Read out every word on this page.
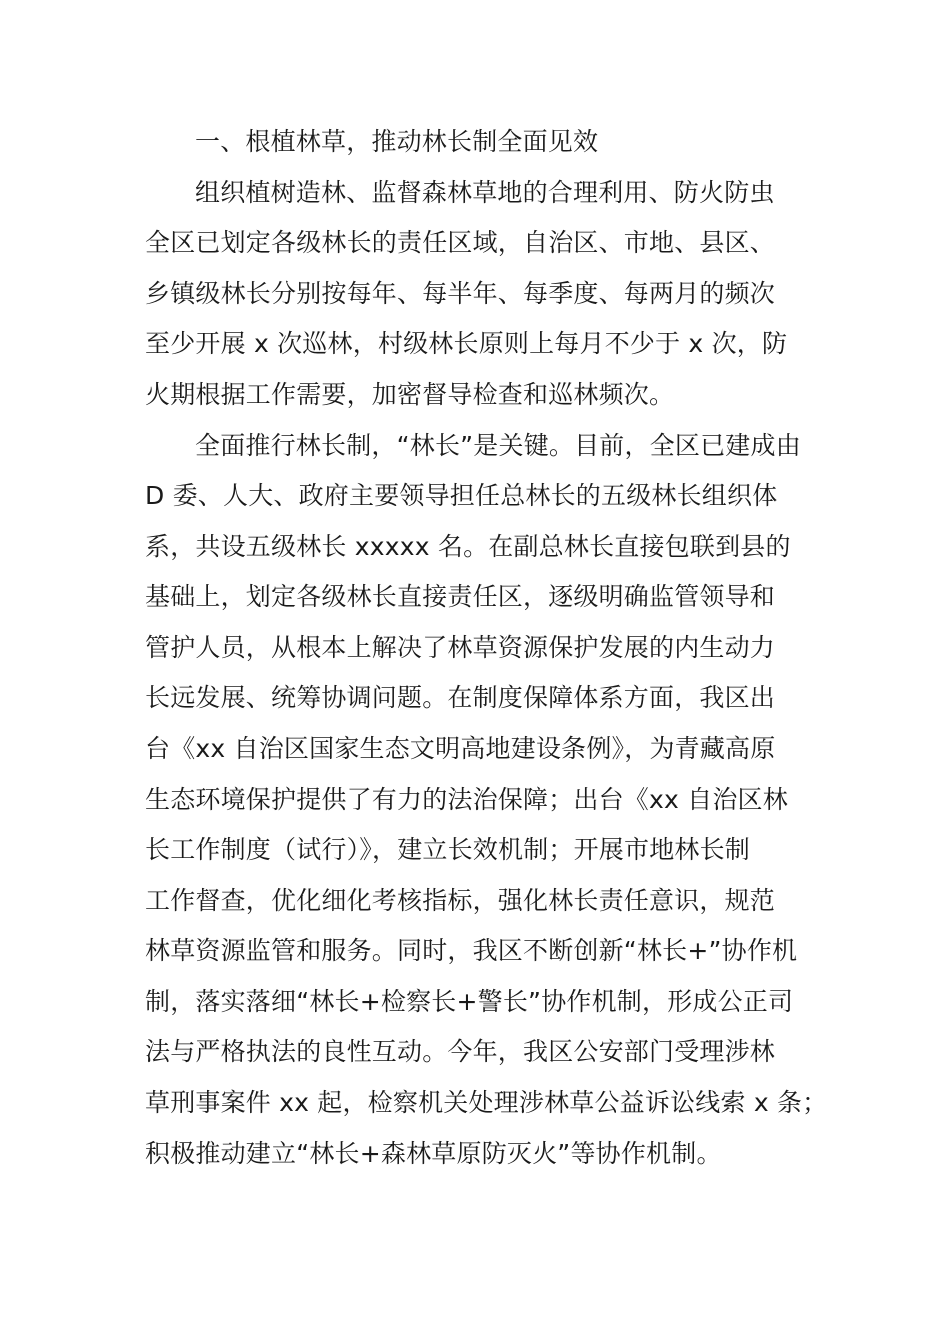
一、根植林草，推动林长制全面见效
组织植树造林、监督森林草地的合理利用、防火防虫
全区已划定各级林长的责任区域，自治区、市地、县区、
乡镇级林长分别按每年、每半年、每季度、每两月的频次
至少开展 x 次巡林，村级林长原则上每月不少于 x 次，防
火期根据工作需要，加密督导检查和巡林频次。
全面推行林长制，“林长”是关键。目前，全区已建成由
D 委、人大、政府主要领导担任总林长的五级林长组织体
系，共设五级林长 xxxxx 名。在副总林长直接包联到县的
基础上，划定各级林长直接责任区，逐级明确监管领导和
管护人员，从根本上解决了林草资源保护发展的内生动力
长远发展、统筹协调问题。在制度保障体系方面，我区出
台《xx 自治区国家生态文明高地建设条例》，为青藏高原
生态环境保护提供了有力的法治保障；出台《xx 自治区林
长工作制度（试行）》，建立长效机制；开展市地林长制
工作督查，优化细化考核指标，强化林长责任意识，规范
林草资源监管和服务。同时，我区不断创新“林长+”协作机
制，落实落细“林长+检察长+警长”协作机制，形成公正司
法与严格执法的良性互动。今年，我区公安部门受理涉林
草刑事案件 xx 起，检察机关处理涉林草公益诉讼线索 x 条；
积极推动建立“林长+森林草原防灭火”等协作机制。
